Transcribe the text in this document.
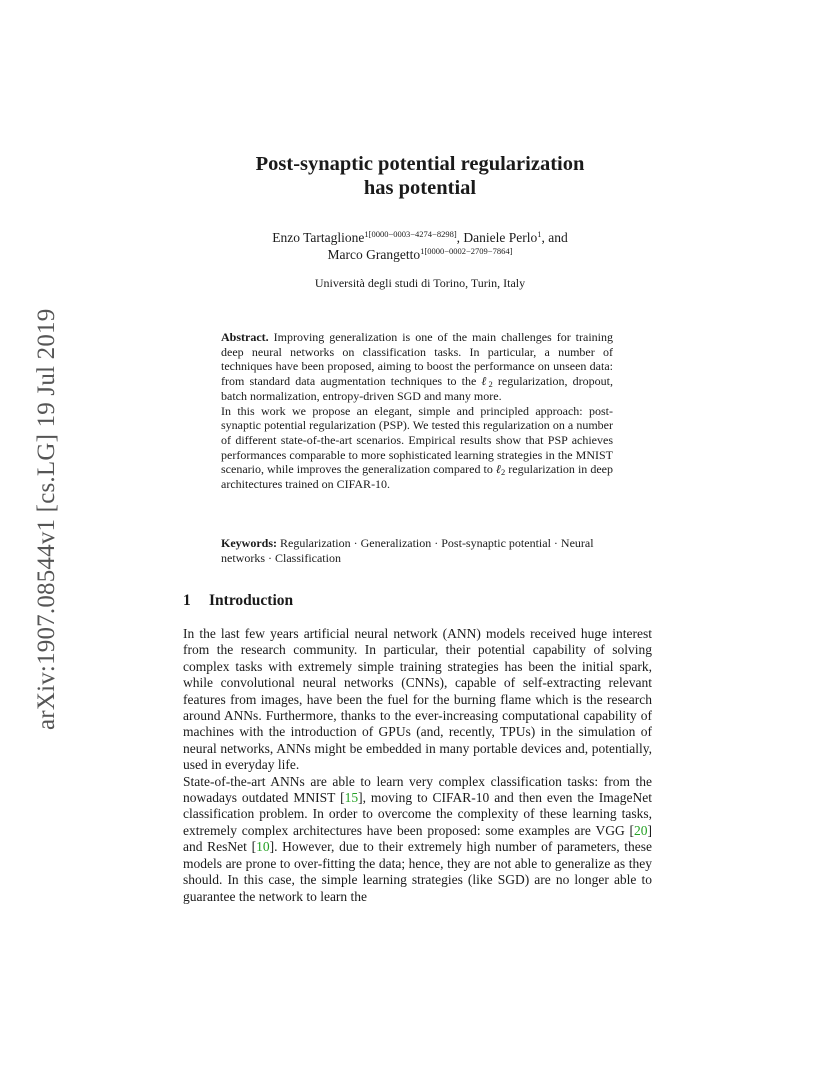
arXiv:1907.08544v1 [cs.LG] 19 Jul 2019
Post-synaptic potential regularization
has potential
Enzo Tartaglione$^{1[0000-0003-4274-8298]}$, Daniele Perlo$^1$, and
Marco Grangetto$^{1[0000-0002-2709-7864]}$
Università degli studi di Torino, Turin, Italy

Abstract. Improving generalization is one of the main challenges for training deep neural networks on classification tasks. In particular, a number of techniques have been proposed, aiming to boost the performance on unseen data: from standard data augmentation techniques to the ℓ$_2$ regularization, dropout, batch normalization, entropy-driven SGD and many more.

In this work we propose an elegant, simple and principled approach: post-synaptic potential regularization (PSP). We tested this regularization on a number of different state-of-the-art scenarios. Empirical results show that PSP achieves performances comparable to more sophisticated learning strategies in the MNIST scenario, while improves the generalization compared to ℓ$_2$ regularization in deep architectures trained on CIFAR-10.

Keywords: Regularization · Generalization · Post-synaptic potential · Neural networks · Classification
1 Introduction

In the last few years artificial neural network (ANN) models received huge interest from the research community. In particular, their potential capability of solving complex tasks with extremely simple training strategies has been the initial spark, while convolutional neural networks (CNNs), capable of self-extracting relevant features from images, have been the fuel for the burning flame which is the research around ANNs. Furthermore, thanks to the ever-increasing computational capability of machines with the introduction of GPUs (and, recently, TPUs) in the simulation of neural networks, ANNs might be embedded in many portable devices and, potentially, used in everyday life.

State-of-the-art ANNs are able to learn very complex classification tasks: from the nowadays outdated MNIST [15], moving to CIFAR-10 and then even the ImageNet classification problem. In order to overcome the complexity of these learning tasks, extremely complex architectures have been proposed: some examples are VGG [20] and ResNet [10]. However, due to their extremely high number of parameters, these models are prone to over-fitting the data; hence, they are not able to generalize as they should. In this case, the simple learning strategies (like SGD) are no longer able to guarantee the network to learn the
